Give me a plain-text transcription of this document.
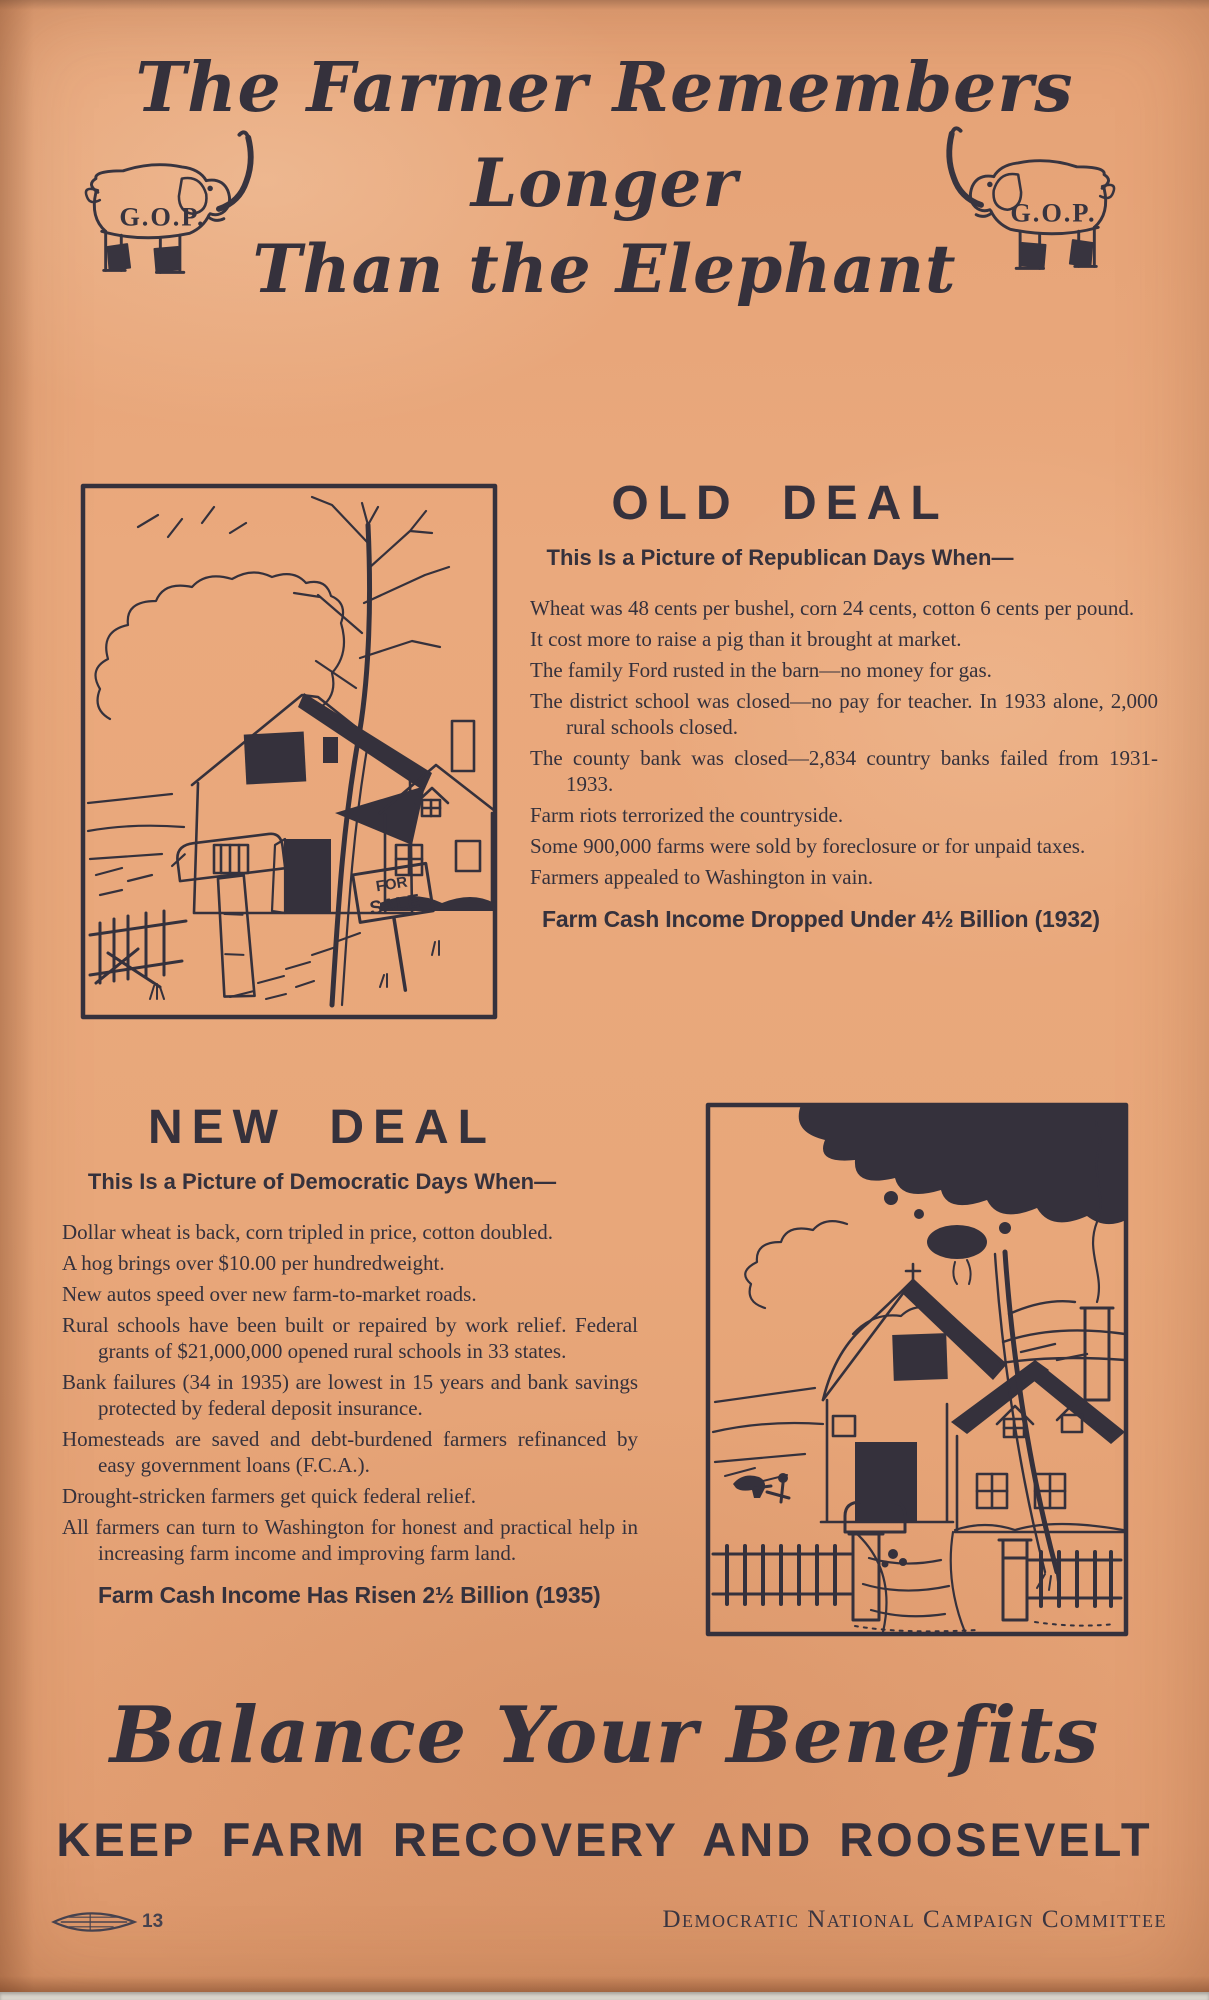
The Farmer Remembers
Longer
Than the Elephant
G.O.P.	G.O.P.
FOR
SALE
OLD DEAL
This Is a Picture of Republican Days When—

Wheat was 48 cents per bushel, corn 24 cents, cotton 6 cents per pound.

It cost more to raise a pig than it brought at market.

The family Ford rusted in the barn—no money for gas.

The district school was closed—no pay for teacher. In 1933 alone, 2,000 rural schools closed.

The county bank was closed—2,834 country banks failed from 1931-1933.

Farm riots terrorized the countryside.

Some 900,000 farms were sold by foreclosure or for unpaid taxes.

Farmers appealed to Washington in vain.

Farm Cash Income Dropped Under 4½ Billion (1932)
NEW DEAL
This Is a Picture of Democratic Days When—

Dollar wheat is back, corn tripled in price, cotton doubled.

A hog brings over $10.00 per hundredweight.

New autos speed over new farm-to-market roads.

Rural schools have been built or repaired by work relief. Federal grants of $21,000,000 opened rural schools in 33 states.

Bank failures (34 in 1935) are lowest in 15 years and bank savings protected by federal deposit insurance.

Homesteads are saved and debt-burdened farmers refinanced by easy government loans (F.C.A.).

Drought-stricken farmers get quick federal relief.

All farmers can turn to Washington for honest and practical help in increasing farm income and improving farm land.

Farm Cash Income Has Risen 2½ Billion (1935)
Balance Your Benefits
KEEP FARM RECOVERY AND ROOSEVELT
13	Democratic National Campaign Committee
